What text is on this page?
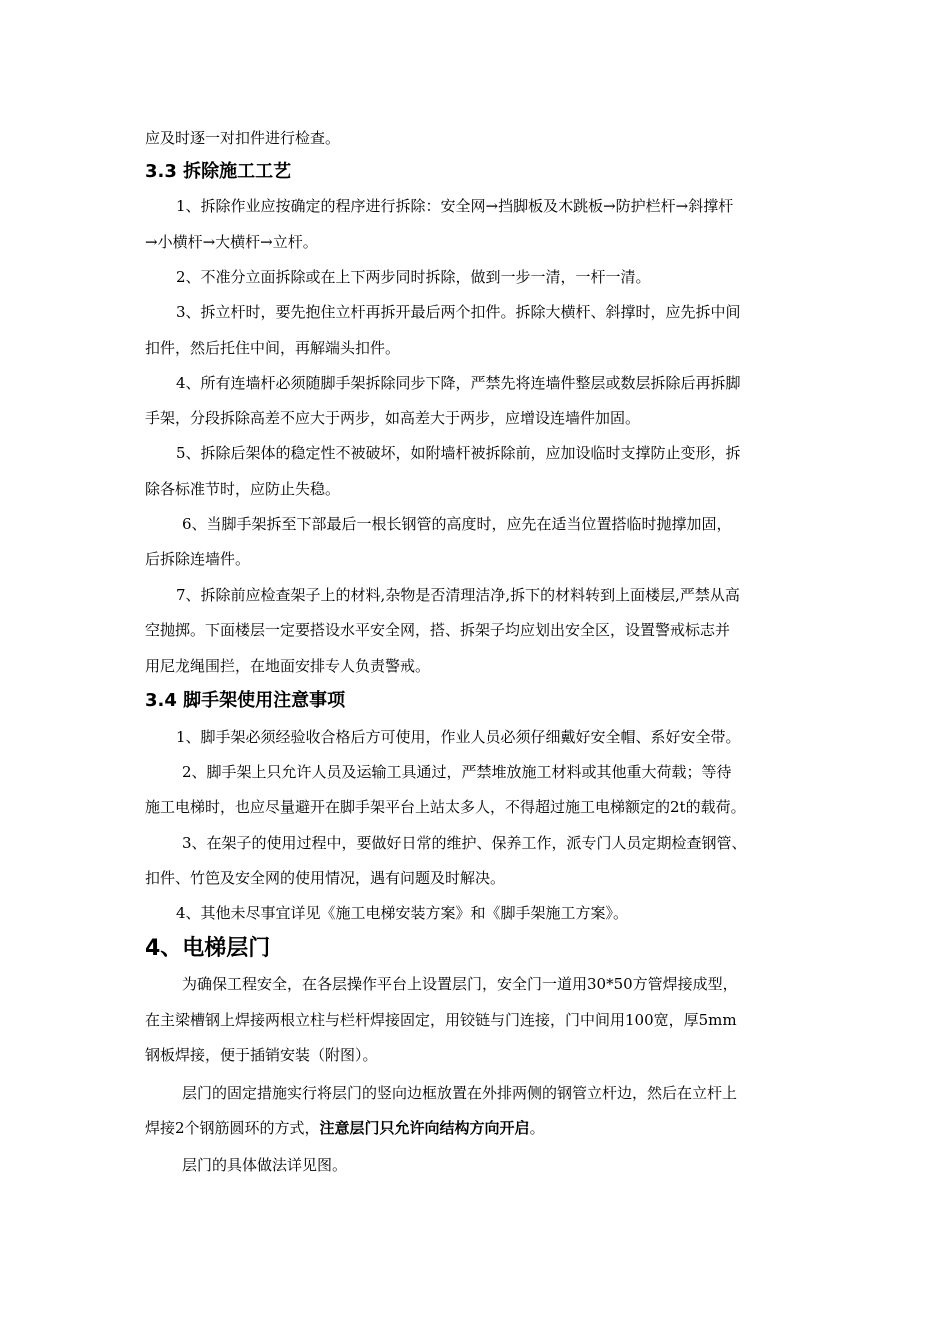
应及时逐一对扣件进行检查。

3.3 拆除施工工艺

1、拆除作业应按确定的程序进行拆除：安全网→挡脚板及木跳板→防护栏杆→斜撑杆

→小横杆→大横杆→立杆。

2、不准分立面拆除或在上下两步同时拆除，做到一步一清，一杆一清。

3、拆立杆时，要先抱住立杆再拆开最后两个扣件。拆除大横杆、斜撑时，应先拆中间

扣件，然后托住中间，再解端头扣件。

4、所有连墙杆必须随脚手架拆除同步下降，严禁先将连墙件整层或数层拆除后再拆脚

手架，分段拆除高差不应大于两步，如高差大于两步，应增设连墙件加固。

5、拆除后架体的稳定性不被破坏，如附墙杆被拆除前，应加设临时支撑防止变形，拆

除各标准节时，应防止失稳。

6、当脚手架拆至下部最后一根长钢管的高度时，应先在适当位置搭临时抛撑加固，

后拆除连墙件。

7、拆除前应检查架子上的材料,杂物是否清理洁净,拆下的材料转到上面楼层,严禁从高

空抛掷。下面楼层一定要搭设水平安全网，搭、拆架子均应划出安全区，设置警戒标志并

用尼龙绳围拦，在地面安排专人负责警戒。

3.4 脚手架使用注意事项

1、脚手架必须经验收合格后方可使用，作业人员必须仔细戴好安全帽、系好安全带。

2、脚手架上只允许人员及运输工具通过，严禁堆放施工材料或其他重大荷载；等待

施工电梯时，也应尽量避开在脚手架平台上站太多人，不得超过施工电梯额定的2t的载荷。

3、在架子的使用过程中，要做好日常的维护、保养工作，派专门人员定期检查钢管、

扣件、竹笆及安全网的使用情况，遇有问题及时解决。

4、其他未尽事宜详见《施工电梯安装方案》和《脚手架施工方案》。

4、电梯层门

为确保工程安全，在各层操作平台上设置层门，安全门一道用30*50方管焊接成型，

在主梁槽钢上焊接两根立柱与栏杆焊接固定，用铰链与门连接，门中间用100宽，厚5mm

钢板焊接，便于插销安装（附图）。

层门的固定措施实行将层门的竖向边框放置在外排两侧的钢管立杆边，然后在立杆上

焊接2个钢筋圆环的方式，注意层门只允许向结构方向开启。

层门的具体做法详见图。
